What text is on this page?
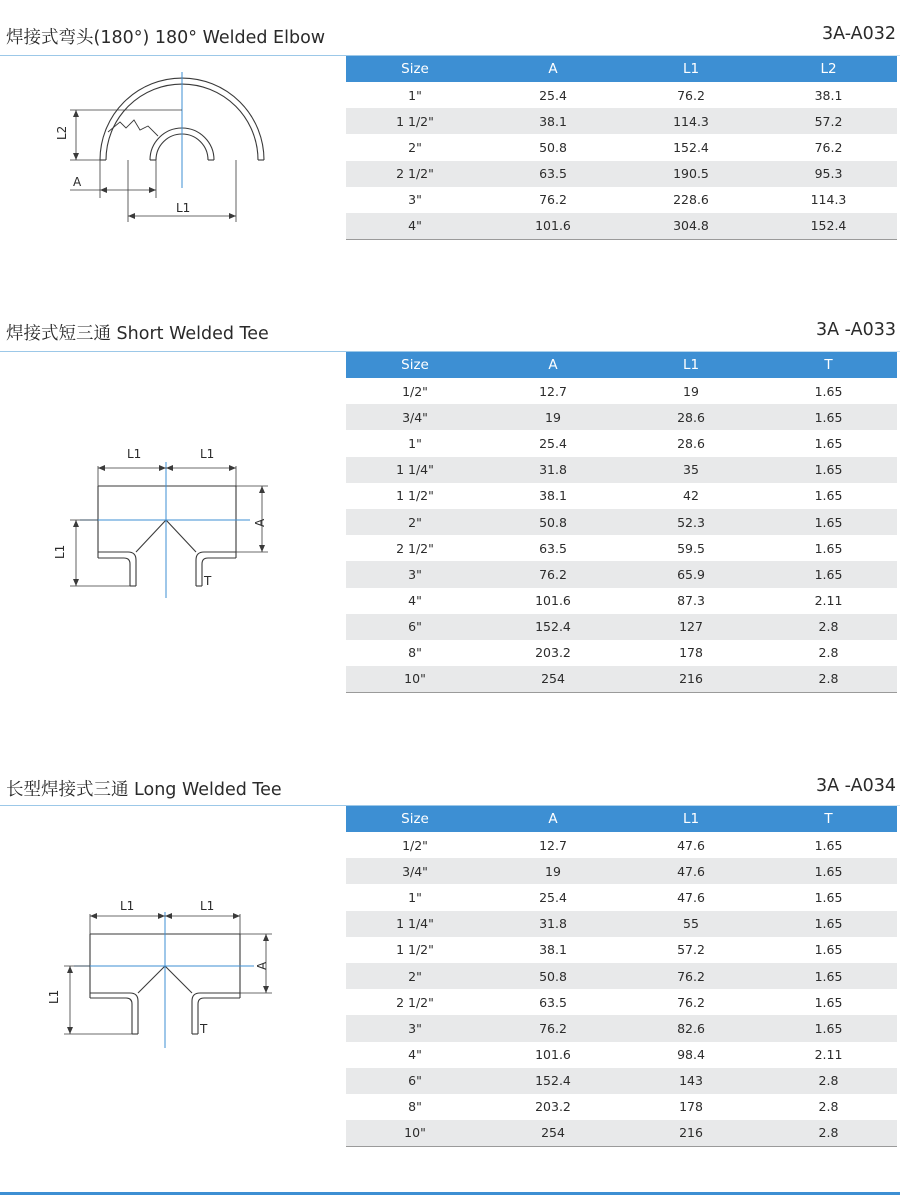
焊接式弯头(180°) 180° Welded Elbow	3A-A032
L2
A
L1
Size	A	L1	L2
1"	25.4	76.2	38.1
1 1/2"	38.1	114.3	57.2
2"	50.8	152.4	76.2
2 1/2"	63.5	190.5	95.3
3"	76.2	228.6	114.3
4"	101.6	304.8	152.4
焊接式短三通 Short Welded Tee	3A -A033
L1	L1
A
L1
T
Size	A	L1	T
1/2"	12.7	19	1.65
3/4"	19	28.6	1.65
1"	25.4	28.6	1.65
1 1/4"	31.8	35	1.65
1 1/2"	38.1	42	1.65
2"	50.8	52.3	1.65
2 1/2"	63.5	59.5	1.65
3"	76.2	65.9	1.65
4"	101.6	87.3	2.11
6"	152.4	127	2.8
8"	203.2	178	2.8
10"	254	216	2.8
长型焊接式三通 Long Welded Tee	3A -A034
L1	L1
A
L1
T
Size	A	L1	T
1/2"	12.7	47.6	1.65
3/4"	19	47.6	1.65
1"	25.4	47.6	1.65
1 1/4"	31.8	55	1.65
1 1/2"	38.1	57.2	1.65
2"	50.8	76.2	1.65
2 1/2"	63.5	76.2	1.65
3"	76.2	82.6	1.65
4"	101.6	98.4	2.11
6"	152.4	143	2.8
8"	203.2	178	2.8
10"	254	216	2.8
